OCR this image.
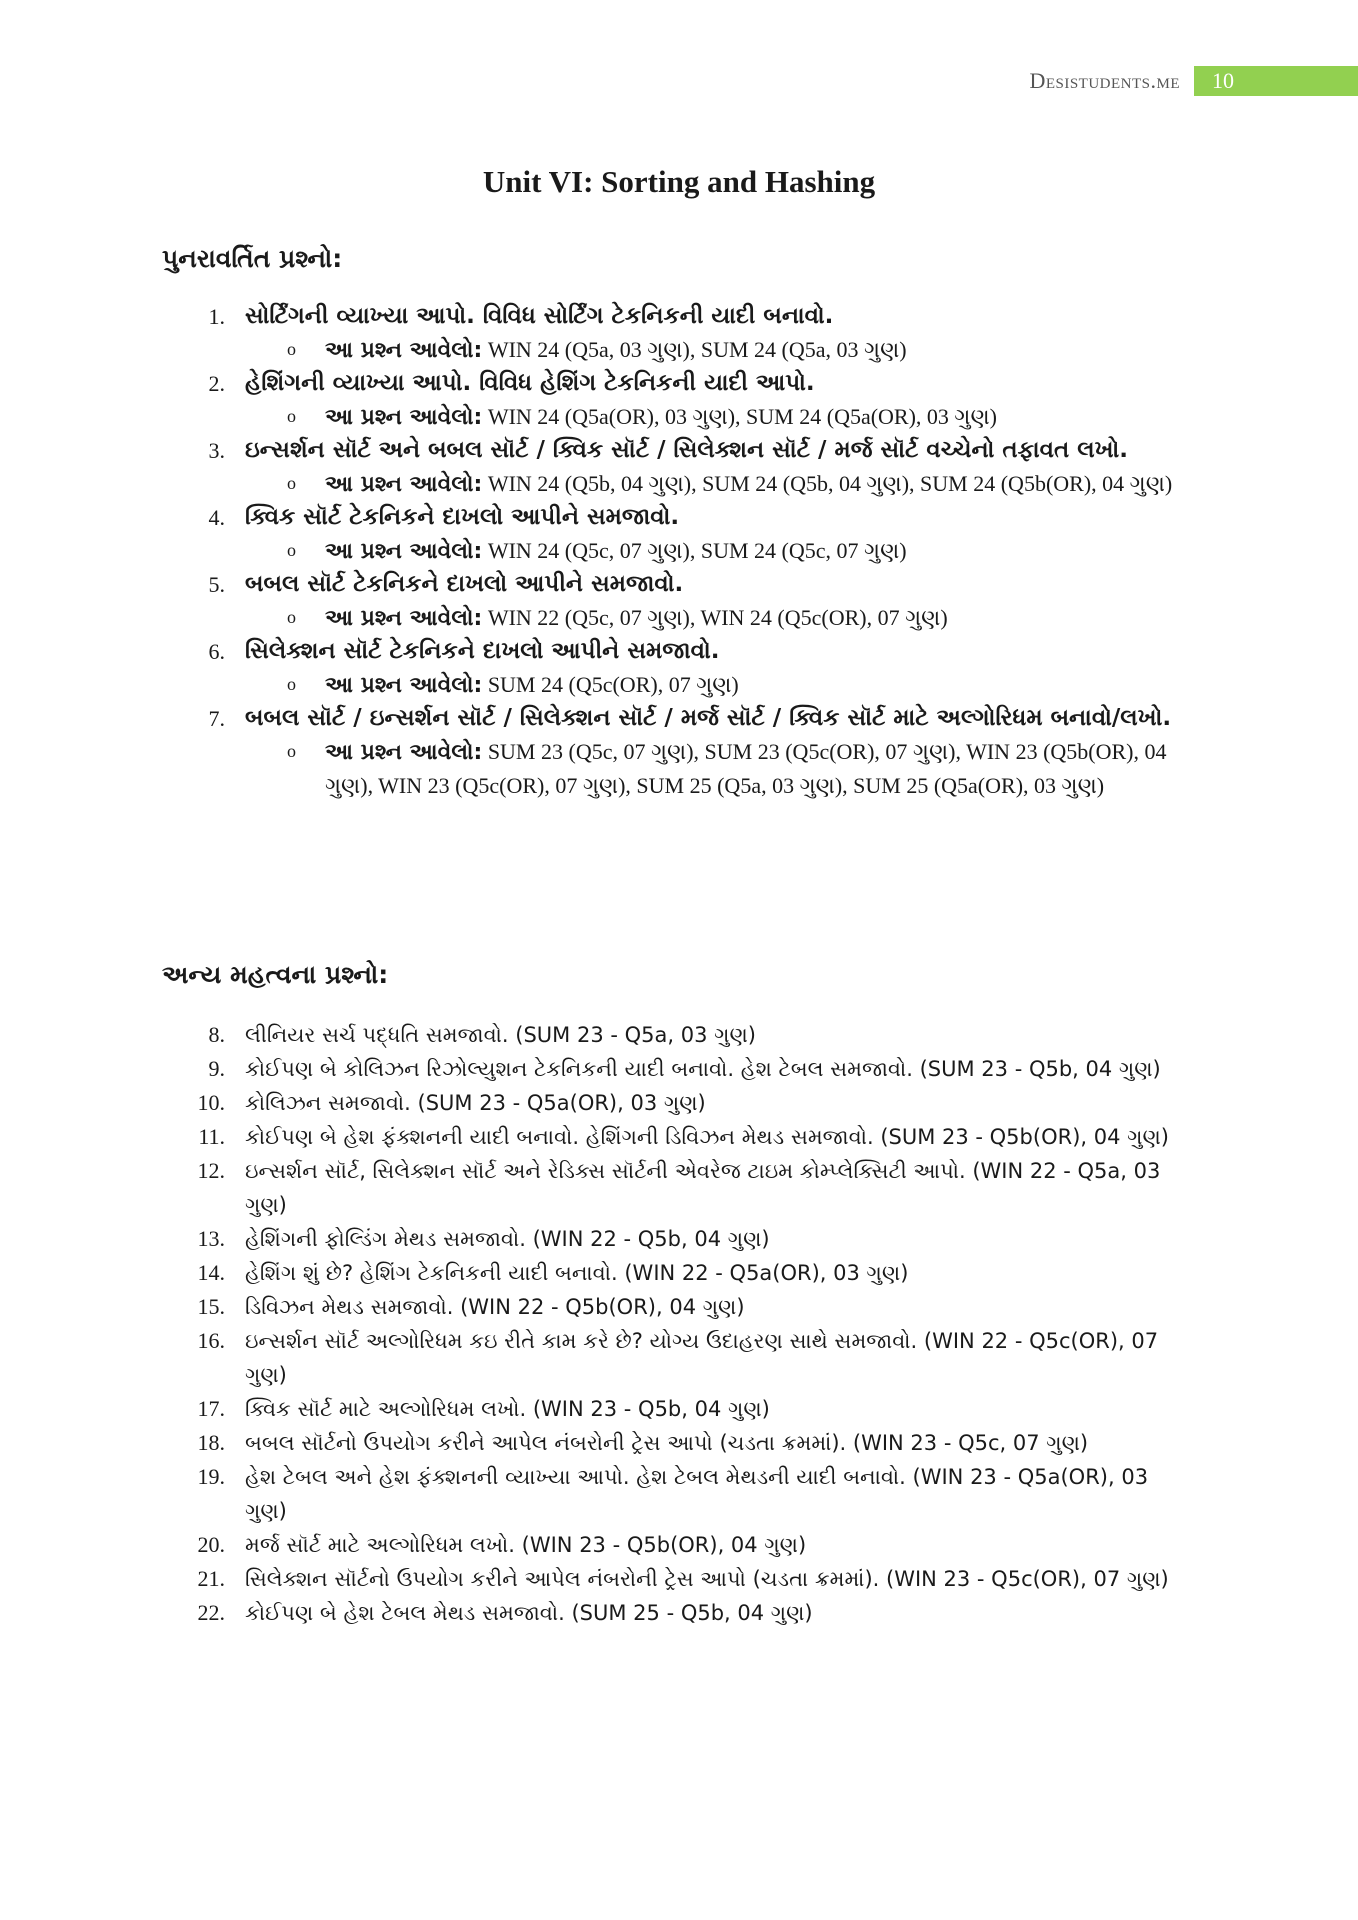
Desistudents.me	10
Unit VI: Sorting and Hashing
પુનરાવર્તિત પ્રશ્નો:
1. સોર્ટિંગની વ્યાખ્યા આપો. વિવિધ સોર્ટિંગ ટેકનિકની યાદી બનાવો.
o આ પ્રશ્ન આવેલો: WIN 24 (Q5a, 03 ગુણ), SUM 24 (Q5a, 03 ગુણ)
2. હેશિંગની વ્યાખ્યા આપો. વિવિધ હેશિંગ ટેકનિકની યાદી આપો.
o આ પ્રશ્ન આવેલો: WIN 24 (Q5a(OR), 03 ગુણ), SUM 24 (Q5a(OR), 03 ગુણ)
3. ઇન્સર્શન સૉર્ટ અને બબલ સૉર્ટ / ક્વિક સૉર્ટ / સિલેક્શન સૉર્ટ / મર્જ સૉર્ટ વચ્ચેનો તફાવત લખો.
o આ પ્રશ્ન આવેલો: WIN 24 (Q5b, 04 ગુણ), SUM 24 (Q5b, 04 ગુણ), SUM 24 (Q5b(OR), 04 ગુણ)
4. ક્વિક સૉર્ટ ટેકનિકને દાખલો આપીને સમજાવો.
o આ પ્રશ્ન આવેલો: WIN 24 (Q5c, 07 ગુણ), SUM 24 (Q5c, 07 ગુણ)
5. બબલ સૉર્ટ ટેકનિકને દાખલો આપીને સમજાવો.
o આ પ્રશ્ન આવેલો: WIN 22 (Q5c, 07 ગુણ), WIN 24 (Q5c(OR), 07 ગુણ)
6. સિલેક્શન સૉર્ટ ટેકનિકને દાખલો આપીને સમજાવો.
o આ પ્રશ્ન આવેલો: SUM 24 (Q5c(OR), 07 ગુણ)
7. બબલ સૉર્ટ / ઇન્સર્શન સૉર્ટ / સિલેક્શન સૉર્ટ / મર્જ સૉર્ટ / ક્વિક સૉર્ટ માટે અલ્ગોરિધમ બનાવો/લખો.
o આ પ્રશ્ન આવેલો: SUM 23 (Q5c, 07 ગુણ), SUM 23 (Q5c(OR), 07 ગુણ), WIN 23 (Q5b(OR), 04 ગુણ), WIN 23 (Q5c(OR), 07 ગુણ), SUM 25 (Q5a, 03 ગુણ), SUM 25 (Q5a(OR), 03 ગુણ)
અન્ય મહત્વના પ્રશ્નો:
8. લીનિયર સર્ચ પદ્ધતિ સમજાવો. (SUM 23 - Q5a, 03 ગુણ)
9. કોઈપણ બે કોલિઝન રિઝોલ્યુશન ટેકનિકની યાદી બનાવો. હેશ ટેબલ સમજાવો. (SUM 23 - Q5b, 04 ગુણ)
10. કોલિઝન સમજાવો. (SUM 23 - Q5a(OR), 03 ગુણ)
11. કોઈપણ બે હેશ ફંક્શનની યાદી બનાવો. હેશિંગની ડિવિઝન મેથડ સમજાવો. (SUM 23 - Q5b(OR), 04 ગુણ)
12. ઇન્સર્શન સૉર્ટ, સિલેક્શન સૉર્ટ અને રેડિક્સ સૉર્ટની એવરેજ ટાઇમ કોમ્પ્લેક્સિટી આપો. (WIN 22 - Q5a, 03 ગુણ)
13. હેશિંગની ફોલ્ડિંગ મેથડ સમજાવો. (WIN 22 - Q5b, 04 ગુણ)
14. હેશિંગ શું છે? હેશિંગ ટેકનિકની યાદી બનાવો. (WIN 22 - Q5a(OR), 03 ગુણ)
15. ડિવિઝન મેથડ સમજાવો. (WIN 22 - Q5b(OR), 04 ગુણ)
16. ઇન્સર્શન સૉર્ટ અલ્ગોરિધમ કઇ રીતે કામ કરે છે? યોગ્ય ઉદાહરણ સાથે સમજાવો. (WIN 22 - Q5c(OR), 07 ગુણ)
17. ક્વિક સૉર્ટ માટે અલ્ગોરિધમ લખો. (WIN 23 - Q5b, 04 ગુણ)
18. બબલ સૉર્ટનો ઉપયોગ કરીને આપેલ નંબરોની ટ્રેસ આપો (ચડતા ક્રમમાં). (WIN 23 - Q5c, 07 ગુણ)
19. હેશ ટેબલ અને હેશ ફંક્શનની વ્યાખ્યા આપો. હેશ ટેબલ મેથડની યાદી બનાવો. (WIN 23 - Q5a(OR), 03 ગુણ)
20. મર્જ સૉર્ટ માટે અલ્ગોરિધમ લખો. (WIN 23 - Q5b(OR), 04 ગુણ)
21. સિલેક્શન સૉર્ટનો ઉપયોગ કરીને આપેલ નંબરોની ટ્રેસ આપો (ચડતા ક્રમમાં). (WIN 23 - Q5c(OR), 07 ગુણ)
22. કોઈપણ બે હેશ ટેબલ મેથડ સમજાવો. (SUM 25 - Q5b, 04 ગુણ)
